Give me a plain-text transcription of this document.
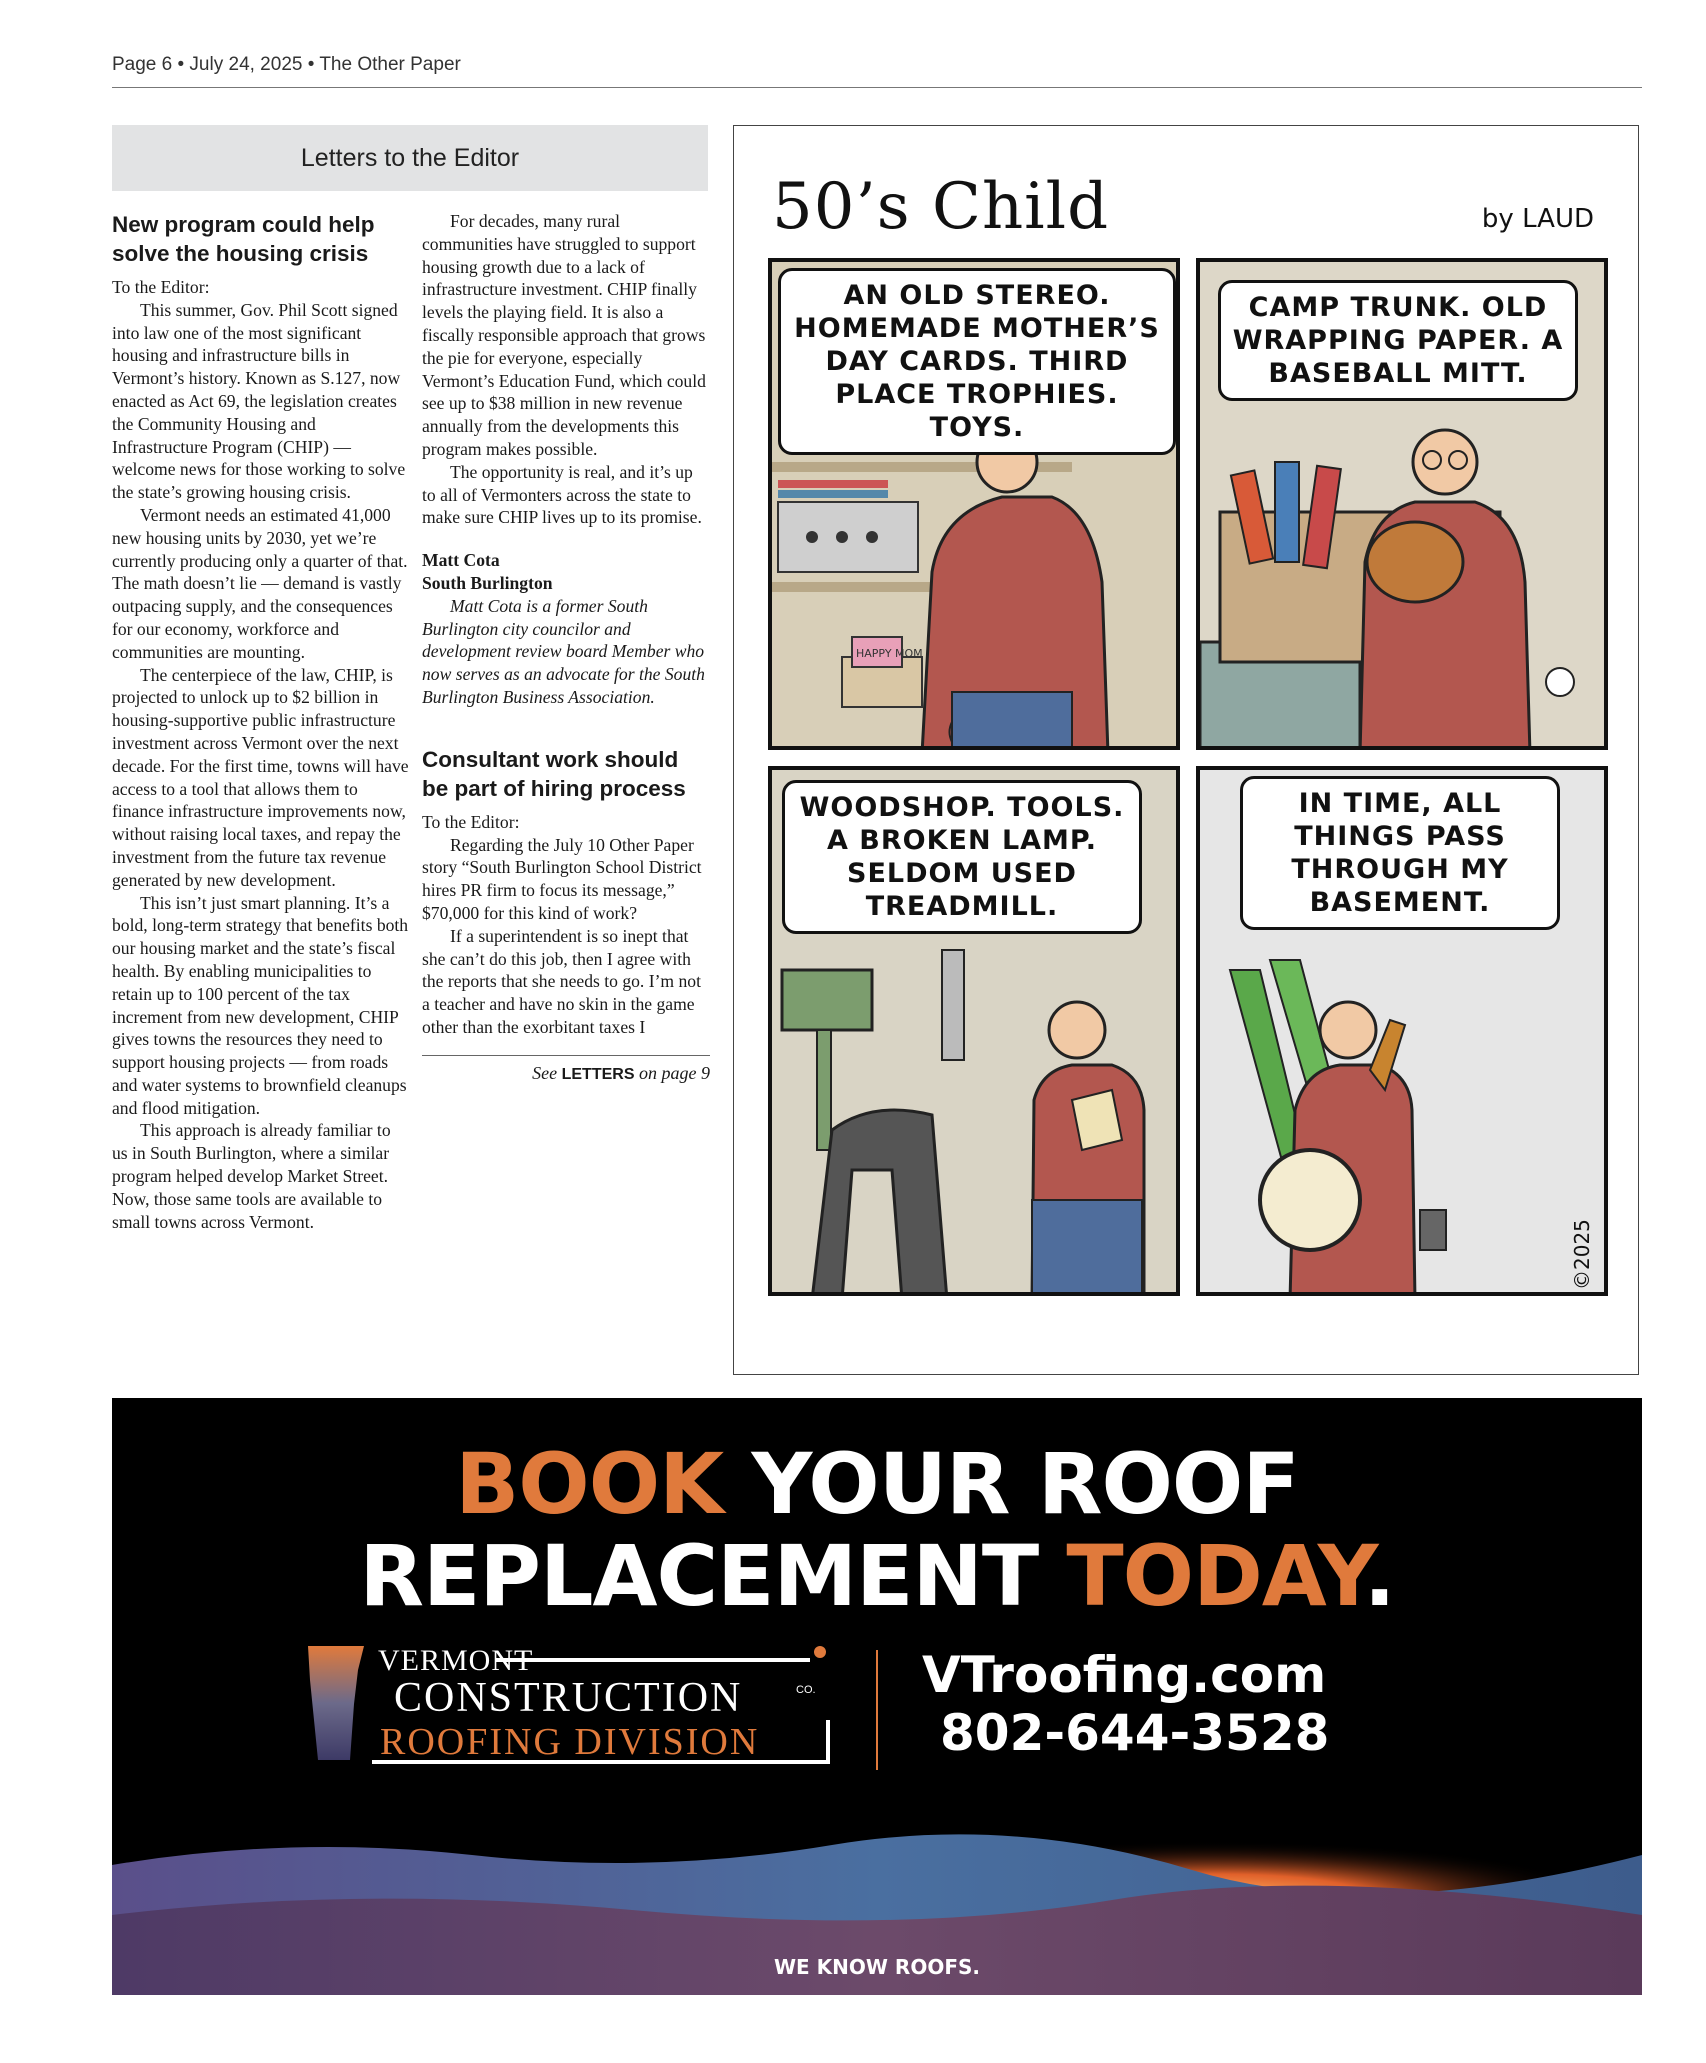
Page 6 • July 24, 2025 • The Other Paper
Letters to the Editor
New program could help solve the housing crisis

To the Editor:

This summer, Gov. Phil Scott signed into law one of the most significant housing and infrastructure bills in Vermont’s history. Known as S.127, now enacted as Act 69, the legislation creates the Community Housing and Infrastructure Program (CHIP) — welcome news for those working to solve the state’s growing housing crisis.

Vermont needs an estimated 41,000 new housing units by 2030, yet we’re currently producing only a quarter of that. The math doesn’t lie — demand is vastly outpacing supply, and the consequences for our economy, workforce and communities are mounting.

The centerpiece of the law, CHIP, is projected to unlock up to $2 billion in housing-supportive public infrastructure investment across Vermont over the next decade. For the first time, towns will have access to a tool that allows them to finance infrastructure improvements now, without raising local taxes, and repay the investment from the future tax revenue generated by new development.

This isn’t just smart planning. It’s a bold, long-term strategy that benefits both our housing market and the state’s fiscal health. By enabling municipalities to retain up to 100 percent of the tax increment from new development, CHIP gives towns the resources they need to support housing projects — from roads and water systems to brownfield cleanups and flood mitigation.

This approach is already familiar to us in South Burlington, where a similar program helped develop Market Street. Now, those same tools are available to small towns across Vermont.

For decades, many rural communities have struggled to support housing growth due to a lack of infrastructure investment. CHIP finally levels the playing field. It is also a fiscally responsible approach that grows the pie for everyone, especially Vermont’s Education Fund, which could see up to $38 million in new revenue annually from the developments this program makes possible.

The opportunity is real, and it’s up to all of Vermonters across the state to make sure CHIP lives up to its promise.

Matt Cota
South Burlington

Matt Cota is a former South Burlington city councilor and development review board Member who now serves as an advocate for the South Burlington Business Association.

Consultant work should be part of hiring process

To the Editor:

Regarding the July 10 Other Paper story “South Burlington School District hires PR firm to focus its message,” $70,000 for this kind of work?

If a superintendent is so inept that she can’t do this job, then I agree with the reports that she needs to go. I’m not a teacher and have no skin in the game other than the exorbitant taxes I

See LETTERS on page 9
50’s Child	by LAUD
HAPPY MOM
AN OLD STEREO. HOMEMADE MOTHER’S DAY CARDS. THIRD PLACE TROPHIES. TOYS.
CAMP TRUNK. OLD WRAPPING PAPER. A BASEBALL MITT.
WOODSHOP. TOOLS. A BROKEN LAMP. SELDOM USED TREADMILL.
IN TIME, ALL THINGS PASS THROUGH MY BASEMENT.
©2025
BOOK YOUR ROOF
REPLACEMENT TODAY.
VERMONT
CONSTRUCTION	CO.
ROOFING DIVISION
VTroofing.com
802-644-3528
WE KNOW ROOFS.
